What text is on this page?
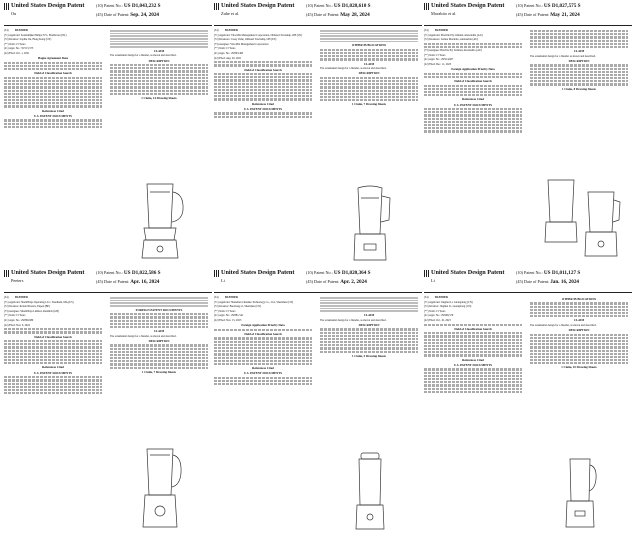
United States Design Patent
Ou
(10) Patent No.: US D1,043,232 S
(45) Date of Patent: Sep. 24, 2024
(54)	BLENDER
(71) Applicant: Koninklijke Philips N.V., Eindhoven (NL)
(72) Inventor: Sophia Ou, Hong Kong (CN)
(**) Term: 15 Years
(21) Appl. No.: 35/515,573
(22) Filed: Oct. 1, 2021
Hague Agreement Data
Field of Classification Search
References Cited
U.S. PATENT DOCUMENTS
CLAIM
The ornamental design for a blender, as shown and described.
DESCRIPTION
1 Claim, 14 Drawing Sheets
United States Design Patent
Zuhe et al.
(10) Patent No.: US D1,028,610 S
(45) Date of Patent: May 28, 2024
(54)	BLENDER
(71) Applicant: Vita-Mix Management Corporation, Olmsted Township, OH (US)
(72) Inventors: Casey Zuhe; Olmsted Township, OH (US)
(73) Assignee: Vita-Mix Management Corporation
(**) Term: 15 Years
(21) Appl. No.: 29/803,465
(22) Filed: Aug. 20, 2021
Field of Classification Search
References Cited
U.S. PATENT DOCUMENTS
OTHER PUBLICATIONS
CLAIM
The ornamental design for a blender, as shown and described.
DESCRIPTION
1 Claim, 7 Drawing Sheets
United States Design Patent
Morabito et al.
(10) Patent No.: US D1,027,575 S
(45) Date of Patent: May 21, 2024
(54)	BLENDER
(71) Applicant: Breville Pty Limited, Alexandria (AU)
(72) Inventors: Joshua Morabito, Alexandria (AU)
(73) Assignee: Breville Pty Limited, Alexandria (AU)
(**) Term: 15 Years
(21) Appl. No.: 29/914,607
(22) Filed: Dec. 11, 2023
Foreign Application Priority Data
Field of Classification Search
References Cited
U.S. PATENT DOCUMENTS
CLAIM
The ornamental design for a blender as shown and described.
DESCRIPTION
1 Claim, 8 Drawing Sheets
United States Design Patent
Peeters
(10) Patent No.: US D1,022,586 S
(45) Date of Patent: Apr. 16, 2024
(54)	BLENDER
(71) Applicant: SharkNinja Operating LLC, Needham, MA (US)
(72) Inventor: Roland Peeters, Eupen (BE)
(73) Assignee: SharkNinja Limited, Redditch (GB)
(**) Term: 15 Years
(21) Appl. No.: 29/860,680
(22) Filed: Nov. 9, 2022
Field of Classification Search
References Cited
U.S. PATENT DOCUMENTS
FOREIGN PATENT DOCUMENTS
CLAIM
The ornamental design for a blender, as shown and described.
DESCRIPTION
1 Claim, 7 Drawing Sheets
United States Design Patent
Li
(10) Patent No.: US D1,020,364 S
(45) Date of Patent: Apr. 2, 2024
(54)	BLENDER
(71) Applicant: Shenzhen Chuanke Technology Co., Ltd., Shenzhen (CN)
(72) Inventor: Baoxiang Li, Shenzhen (CN)
(**) Term: 15 Years
(21) Appl. No.: 29/881,541
(22) Filed: Nov. 15, 2023
Foreign Application Priority Data
Field of Classification Search
References Cited
U.S. PATENT DOCUMENTS
CLAIM
The ornamental design for a blender, as shown and described.
DESCRIPTION
1 Claim, 5 Drawing Sheets
United States Design Patent
Li
(10) Patent No.: US D1,011,127 S
(45) Date of Patent: Jan. 16, 2024
(54)	BLENDER
(71) Applicant: Jingmei Li, Guangdong (CN)
(72) Inventor: Jingmei Li, Guangdong (CN)
(**) Term: 15 Years
(21) Appl. No.: 29/906,576
(22) Filed: Oct. 10, 2023
Field of Classification Search
References Cited
U.S. PATENT DOCUMENTS
OTHER PUBLICATIONS
CLAIM
The ornamental design for a blender, as shown and described.
DESCRIPTION
1 Claim, 10 Drawing Sheets
